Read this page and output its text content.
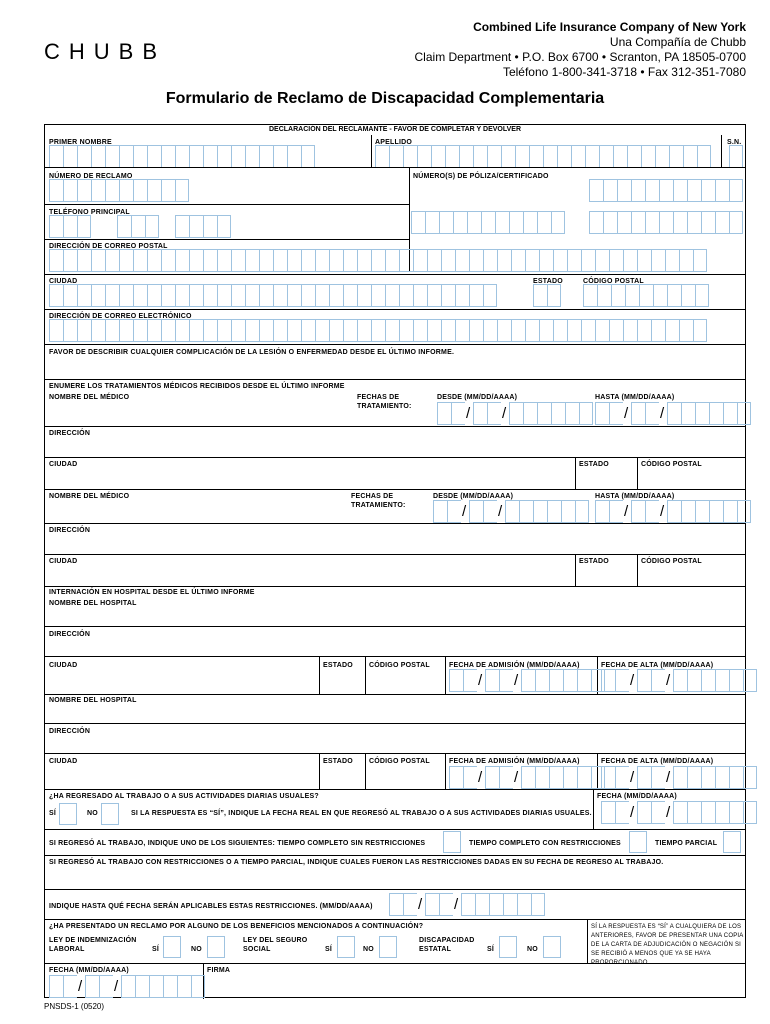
CHUBB
Combined Life Insurance Company of New York
Una Compañía de Chubb
Claim Department • P.O. Box 6700 • Scranton, PA 18505-0700
Teléfono 1-800-341-3718 • Fax 312-351-7080
Formulario de Reclamo de Discapacidad Complementaria
DECLARACIÓN DEL RECLAMANTE - FAVOR DE COMPLETAR Y DEVOLVER
PRIMER NOMBRE	APELLIDO	S.N.
NÚMERO DE RECLAMO	NÚMERO(S) DE PÓLIZA/CERTIFICADO
TELÉFONO PRINCIPAL
DIRECCIÓN DE CORREO POSTAL
CIUDAD	ESTADO	CÓDIGO POSTAL
DIRECCIÓN DE CORREO ELECTRÓNICO
FAVOR DE DESCRIBIR CUALQUIER COMPLICACIÓN DE LA LESIÓN O ENFERMEDAD DESDE EL ÚLTIMO INFORME.
ENUMERE LOS TRATAMIENTOS MÉDICOS RECIBIDOS DESDE EL ÚLTIMO INFORME
NOMBRE DEL MÉDICO	FECHAS DE TRATAMIENTO:
DESDE (MM/DD/AAAA)	HASTA (MM/DD/AAAA)
/ /	/ /
DIRECCIÓN
CIUDAD	ESTADO	CÓDIGO POSTAL
NOMBRE DEL MÉDICO	FECHAS DE TRATAMIENTO:
DESDE (MM/DD/AAAA)	HASTA (MM/DD/AAAA)
/ /	/ /
DIRECCIÓN
CIUDAD	ESTADO	CÓDIGO POSTAL
INTERNACIÓN EN HOSPITAL DESDE EL ÚLTIMO INFORME
NOMBRE DEL HOSPITAL
DIRECCIÓN
CIUDAD	ESTADO CÓDIGO POSTAL	FECHA DE ADMISIÓN (MM/DD/AAAA)	FECHA DE ALTA (MM/DD/AAAA)
/ /	/ /
NOMBRE DEL HOSPITAL
DIRECCIÓN
CIUDAD	ESTADO CÓDIGO POSTAL	FECHA DE ADMISIÓN (MM/DD/AAAA)	FECHA DE ALTA (MM/DD/AAAA)
/ /	/ /
¿HA REGRESADO AL TRABAJO O A SUS ACTIVIDADES DIARIAS USUALES?	FECHA (MM/DD/AAAA)
SÍ	NO	SI LA RESPUESTA ES “SÍ”, INDIQUE LA FECHA REAL EN QUE REGRESÓ AL TRABAJO O A SUS ACTIVIDADES DIARIAS USUALES.	/ /
SI REGRESÓ AL TRABAJO, INDIQUE UNO DE LOS SIGUIENTES: TIEMPO COMPLETO SIN RESTRICCIONES	TIEMPO COMPLETO CON RESTRICCIONES	TIEMPO PARCIAL
SI REGRESÓ AL TRABAJO CON RESTRICCIONES O A TIEMPO PARCIAL, INDIQUE CUALES FUERON LAS RESTRICCIONES DADAS EN SU FECHA DE REGRESO AL TRABAJO.
INDIQUE HASTA QUÉ FECHA SERÁN APLICABLES ESTAS RESTRICCIONES. (MM/DD/AAAA)	/ /
¿HA PRESENTADO UN RECLAMO POR ALGUNO DE LOS BENEFICIOS MENCIONADOS A CONTINUACIÓN?	SÍ LA RESPUESTA ES “SÍ” A CUALQUIERA DE LOS ANTERIORES, FAVOR DE PRESENTAR UNA COPIA DE LA CARTA DE ADJUDICACIÓN O NEGACIÓN SI SE RECIBIÓ A MENOS QUE YA SE HAYA PROPORCIONADO.
LEY DE INDEMNIZACIÓN LABORAL	SÍ	NO
LEY DEL SEGURO SOCIAL	SÍ	NO
DISCAPACIDAD ESTATAL	SÍ	NO
FECHA (MM/DD/AAAA)	FIRMA
/ /
PNSDS-1 (0520)
